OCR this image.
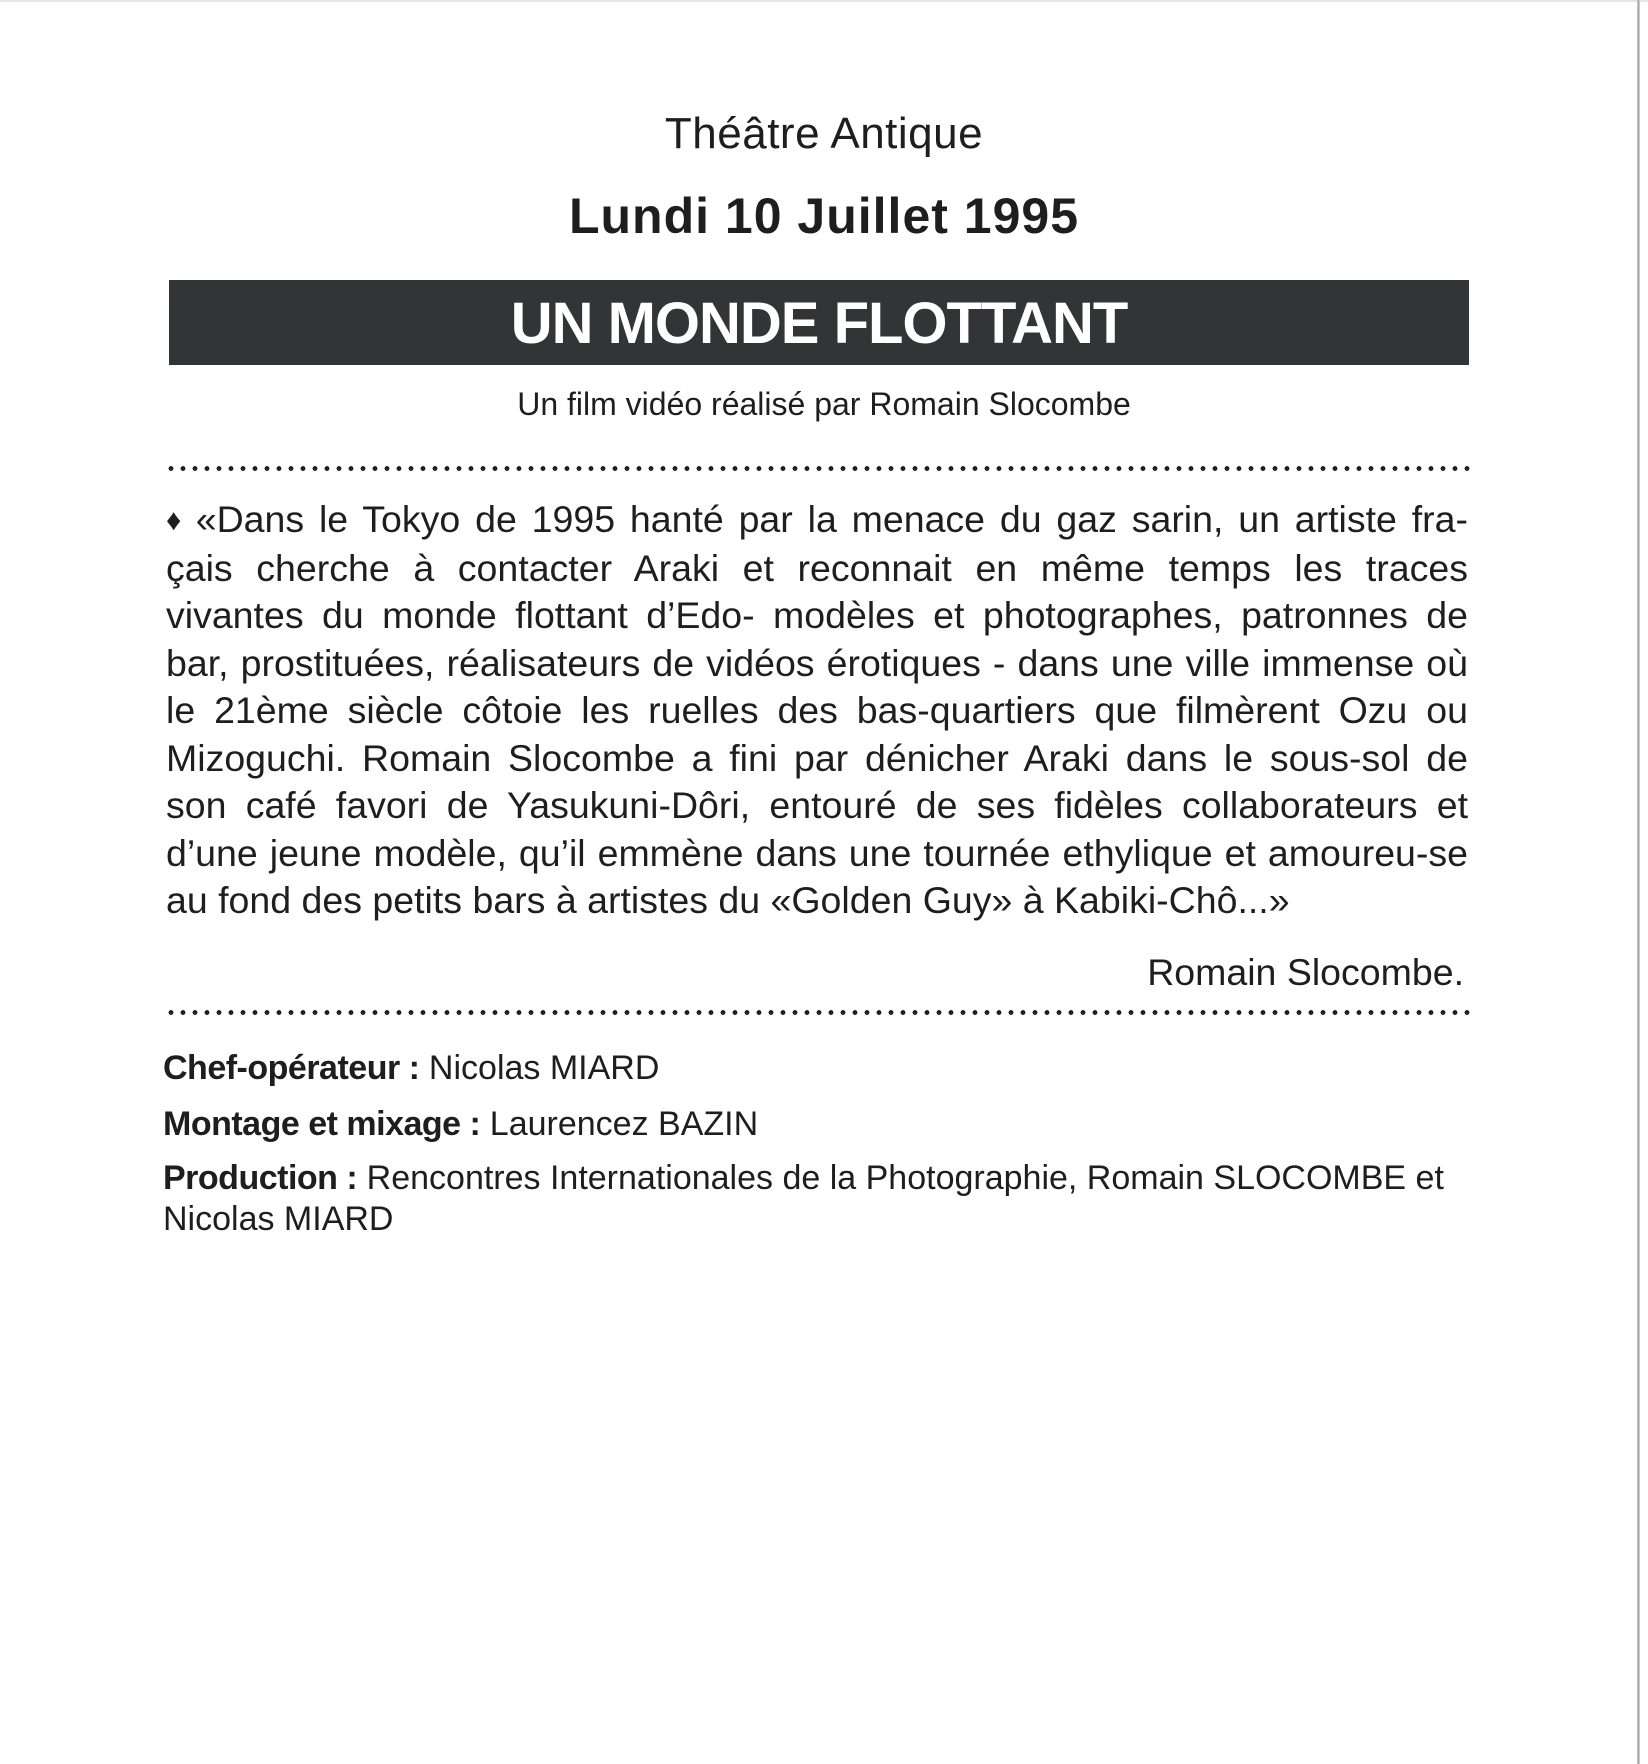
Théâtre Antique
Lundi 10 Juillet 1995
UN MONDE FLOTTANT
Un film vidéo réalisé par Romain Slocombe
♦ «Dans le Tokyo de 1995 hanté par la menace du gaz sarin, un artiste fra-çais cherche à contacter Araki et reconnait en même temps les traces vivantes du monde flottant d’Edo- modèles et photographes, patronnes de bar, prostituées, réalisateurs de vidéos érotiques - dans une ville immense où le 21ème siècle côtoie les ruelles des bas-quartiers que filmèrent Ozu ou Mizoguchi. Romain Slocombe a fini par dénicher Araki dans le sous-sol de son café favori de Yasukuni-Dôri, entouré de ses fidèles collaborateurs et d’une jeune modèle, qu’il emmène dans une tournée ethylique et amoureu-se au fond des petits bars à artistes du «Golden Guy» à Kabiki-Chô...»
Romain Slocombe.
Chef-opérateur : Nicolas MIARD
Montage et mixage : Laurencez BAZIN
Production : Rencontres Internationales de la Photographie, Romain SLOCOMBE et Nicolas MIARD
